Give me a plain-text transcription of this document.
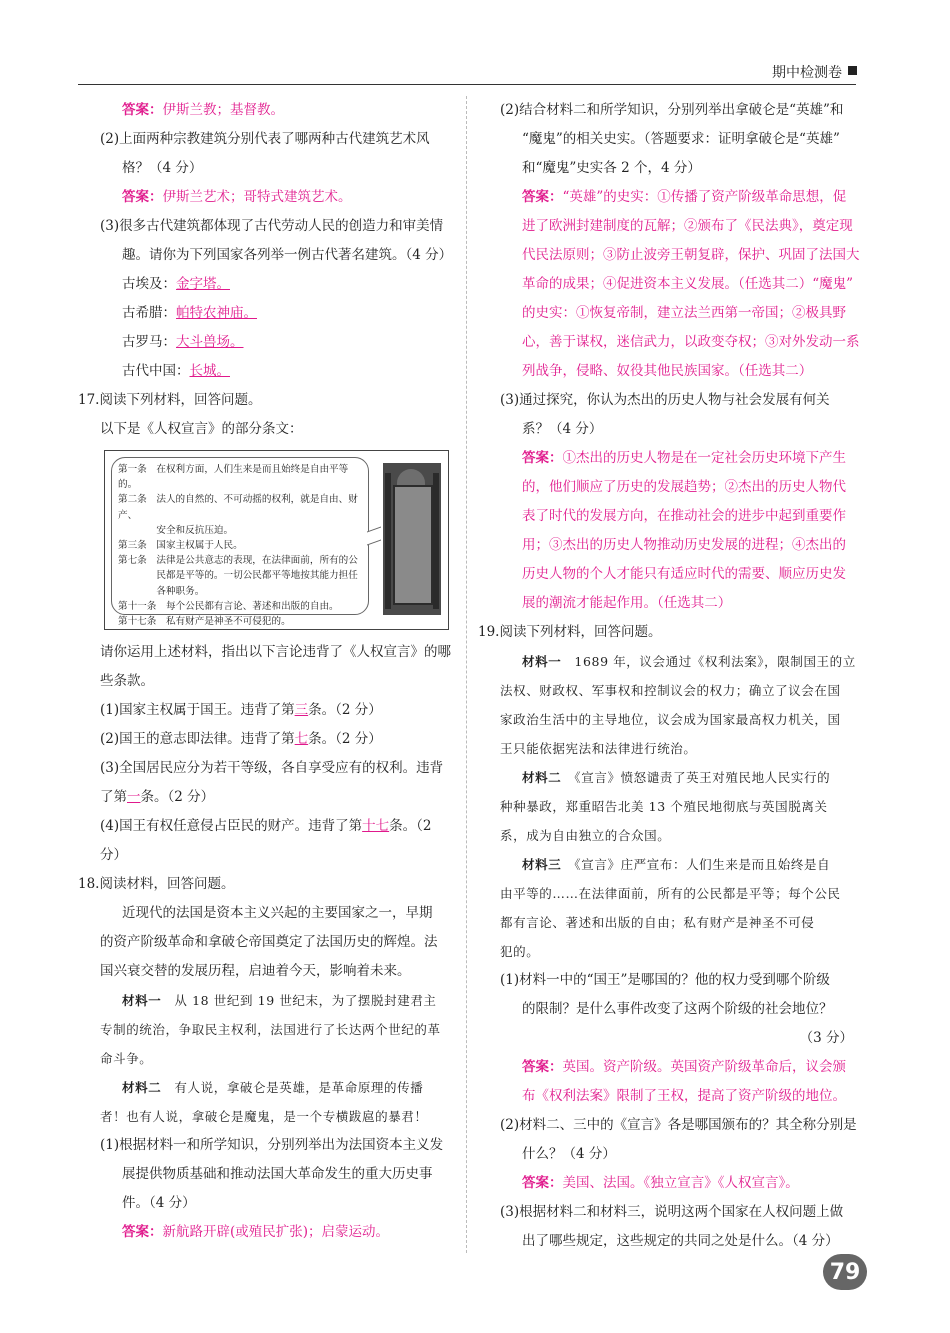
期中检测卷
答案：伊斯兰教；基督教。
(2)上面两种宗教建筑分别代表了哪两种古代建筑艺术风
格？（4 分）
答案：伊斯兰艺术；哥特式建筑艺术。
(3)很多古代建筑都体现了古代劳动人民的创造力和审美情
趣。请你为下列国家各列举一例古代著名建筑。（4 分）
古埃及：金字塔。
古希腊：帕特农神庙。
古罗马：大斗兽场。
古代中国：长城。
17.阅读下列材料，回答问题。
以下是《人权宣言》的部分条文：
第一条　在权利方面，人们生来是而且始终是自由平等的。
第二条　法人的自然的、不可动摇的权利，就是自由、财产、
　　　　安全和反抗压迫。
第三条　国家主权属于人民。
第七条　法律是公共意志的表现，在法律面前，所有的公
　　　　民都是平等的。一切公民都平等地按其能力担任
　　　　各种职务。
第十一条　每个公民都有言论、著述和出版的自由。
第十七条　私有财产是神圣不可侵犯的。
请你运用上述材料，指出以下言论违背了《人权宣言》的哪
些条款。
(1)国家主权属于国王。违背了第三条。（2 分）
(2)国王的意志即法律。违背了第七条。（2 分）
(3)全国居民应分为若干等级，各自享受应有的权利。违背
了第一条。（2 分）
(4)国王有权任意侵占臣民的财产。违背了第十七条。（2
分）
18.阅读材料，回答问题。
近现代的法国是资本主义兴起的主要国家之一，早期
的资产阶级革命和拿破仑帝国奠定了法国历史的辉煌。法
国兴衰交替的发展历程，启迪着今天，影响着未来。
材料一　从 18 世纪到 19 世纪末，为了摆脱封建君主
专制的统治，争取民主权利，法国进行了长达两个世纪的革
命斗争。
材料二　有人说，拿破仑是英雄，是革命原理的传播
者！也有人说，拿破仑是魔鬼，是一个专横跋扈的暴君！
(1)根据材料一和所学知识，分别列举出为法国资本主义发
展提供物质基础和推动法国大革命发生的重大历史事
件。（4 分）
答案：新航路开辟(或殖民扩张)；启蒙运动。
(2)结合材料二和所学知识，分别列举出拿破仑是“英雄”和
“魔鬼”的相关史实。（答题要求：证明拿破仑是“英雄”
和“魔鬼”史实各 2 个，4 分）
答案：“英雄”的史实：①传播了资产阶级革命思想，促
进了欧洲封建制度的瓦解；②颁布了《民法典》，奠定现
代民法原则；③防止波旁王朝复辟，保护、巩固了法国大
革命的成果；④促进资本主义发展。（任选其二）“魔鬼”
的史实：①恢复帝制，建立法兰西第一帝国；②极具野
心，善于谋权，迷信武力，以政变夺权；③对外发动一系
列战争，侵略、奴役其他民族国家。（任选其二）
(3)通过探究，你认为杰出的历史人物与社会发展有何关
系？（4 分）
答案：①杰出的历史人物是在一定社会历史环境下产生
的，他们顺应了历史的发展趋势；②杰出的历史人物代
表了时代的发展方向，在推动社会的进步中起到重要作
用；③杰出的历史人物推动历史发展的进程；④杰出的
历史人物的个人才能只有适应时代的需要、顺应历史发
展的潮流才能起作用。（任选其二）
19.阅读下列材料，回答问题。
材料一　1689 年，议会通过《权利法案》，限制国王的立
法权、财政权、军事权和控制议会的权力；确立了议会在国
家政治生活中的主导地位，议会成为国家最高权力机关，国
王只能依据宪法和法律进行统治。
材料二　《宣言》愤怒谴责了英王对殖民地人民实行的
种种暴政，郑重昭告北美 13 个殖民地彻底与英国脱离关
系，成为自由独立的合众国。
材料三　《宣言》庄严宣布：人们生来是而且始终是自
由平等的……在法律面前，所有的公民都是平等；每个公民
都有言论、著述和出版的自由；私有财产是神圣不可侵
犯的。
(1)材料一中的“国王”是哪国的？他的权力受到哪个阶级
的限制？是什么事件改变了这两个阶级的社会地位？
（3 分）
答案：英国。资产阶级。英国资产阶级革命后，议会颁
布《权利法案》限制了王权，提高了资产阶级的地位。
(2)材料二、三中的《宣言》各是哪国颁布的？其全称分别是
什么？（4 分）
答案：美国、法国。《独立宣言》《人权宣言》。
(3)根据材料二和材料三，说明这两个国家在人权问题上做
出了哪些规定，这些规定的共同之处是什么。（4 分）
79
